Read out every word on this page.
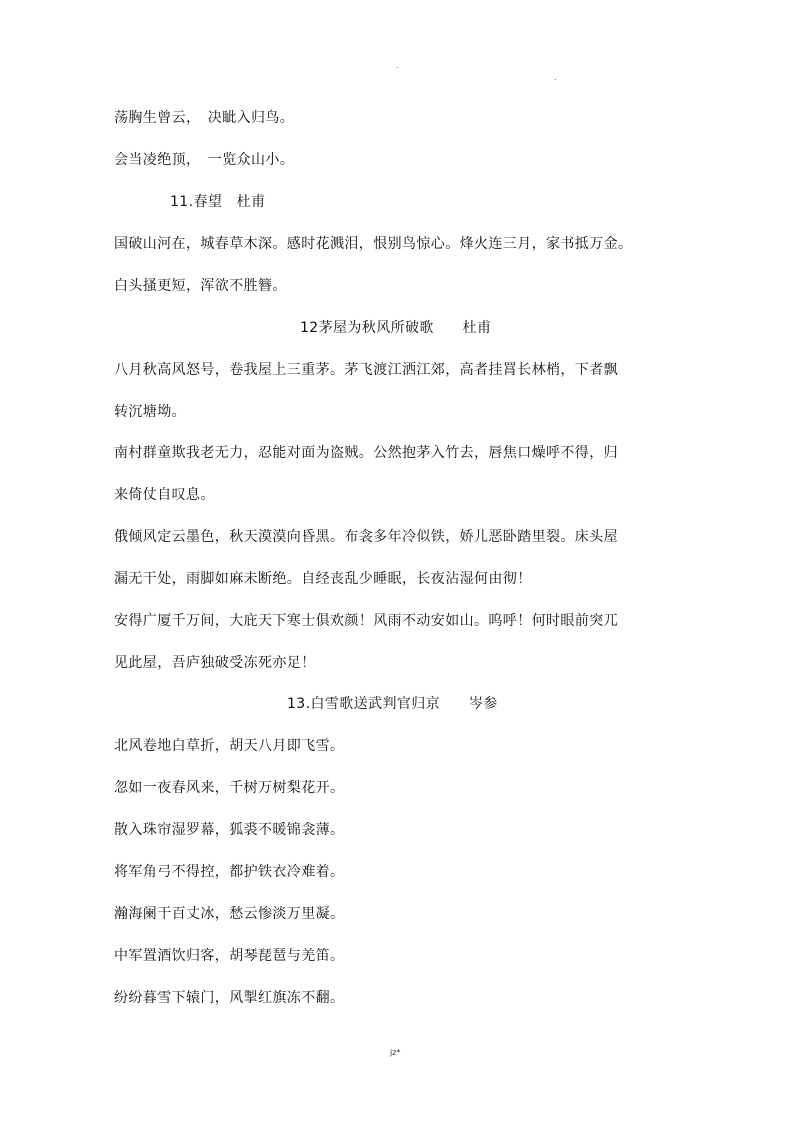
.
.
荡胸生曾云，　决眦入归鸟。
会当凌绝顶，　一览众山小。
11.春望　杜甫
国破山河在，城春草木深。感时花溅泪，恨别鸟惊心。烽火连三月，家书抵万金。
白头搔更短，浑欲不胜簪。
12茅屋为秋风所破歌　　杜甫
八月秋高风怒号，卷我屋上三重茅。茅飞渡江洒江郊，高者挂罥长林梢，下者飘
转沉塘坳。
南村群童欺我老无力，忍能对面为盗贼。公然抱茅入竹去，唇焦口燥呼不得，归
来倚仗自叹息。
俄倾风定云墨色，秋天漠漠向昏黑。布衾多年冷似铁，娇儿恶卧踏里裂。床头屋
漏无干处，雨脚如麻未断绝。自经丧乱少睡眠，长夜沾湿何由彻！
安得广厦千万间，大庇天下寒士俱欢颜！风雨不动安如山。呜呼！何时眼前突兀
见此屋，吾庐独破受冻死亦足！
13.白雪歌送武判官归京　　岑参
北风卷地白草折，胡天八月即飞雪。
忽如一夜春风来，千树万树梨花开。
散入珠帘湿罗幕，狐裘不暖锦衾薄。
将军角弓不得控，都护铁衣冷难着。
瀚海阑干百丈冰，愁云惨淡万里凝。
中军置酒饮归客，胡琴琵琶与羌笛。
纷纷暮雪下辕门，风掣红旗冻不翻。
jz*
